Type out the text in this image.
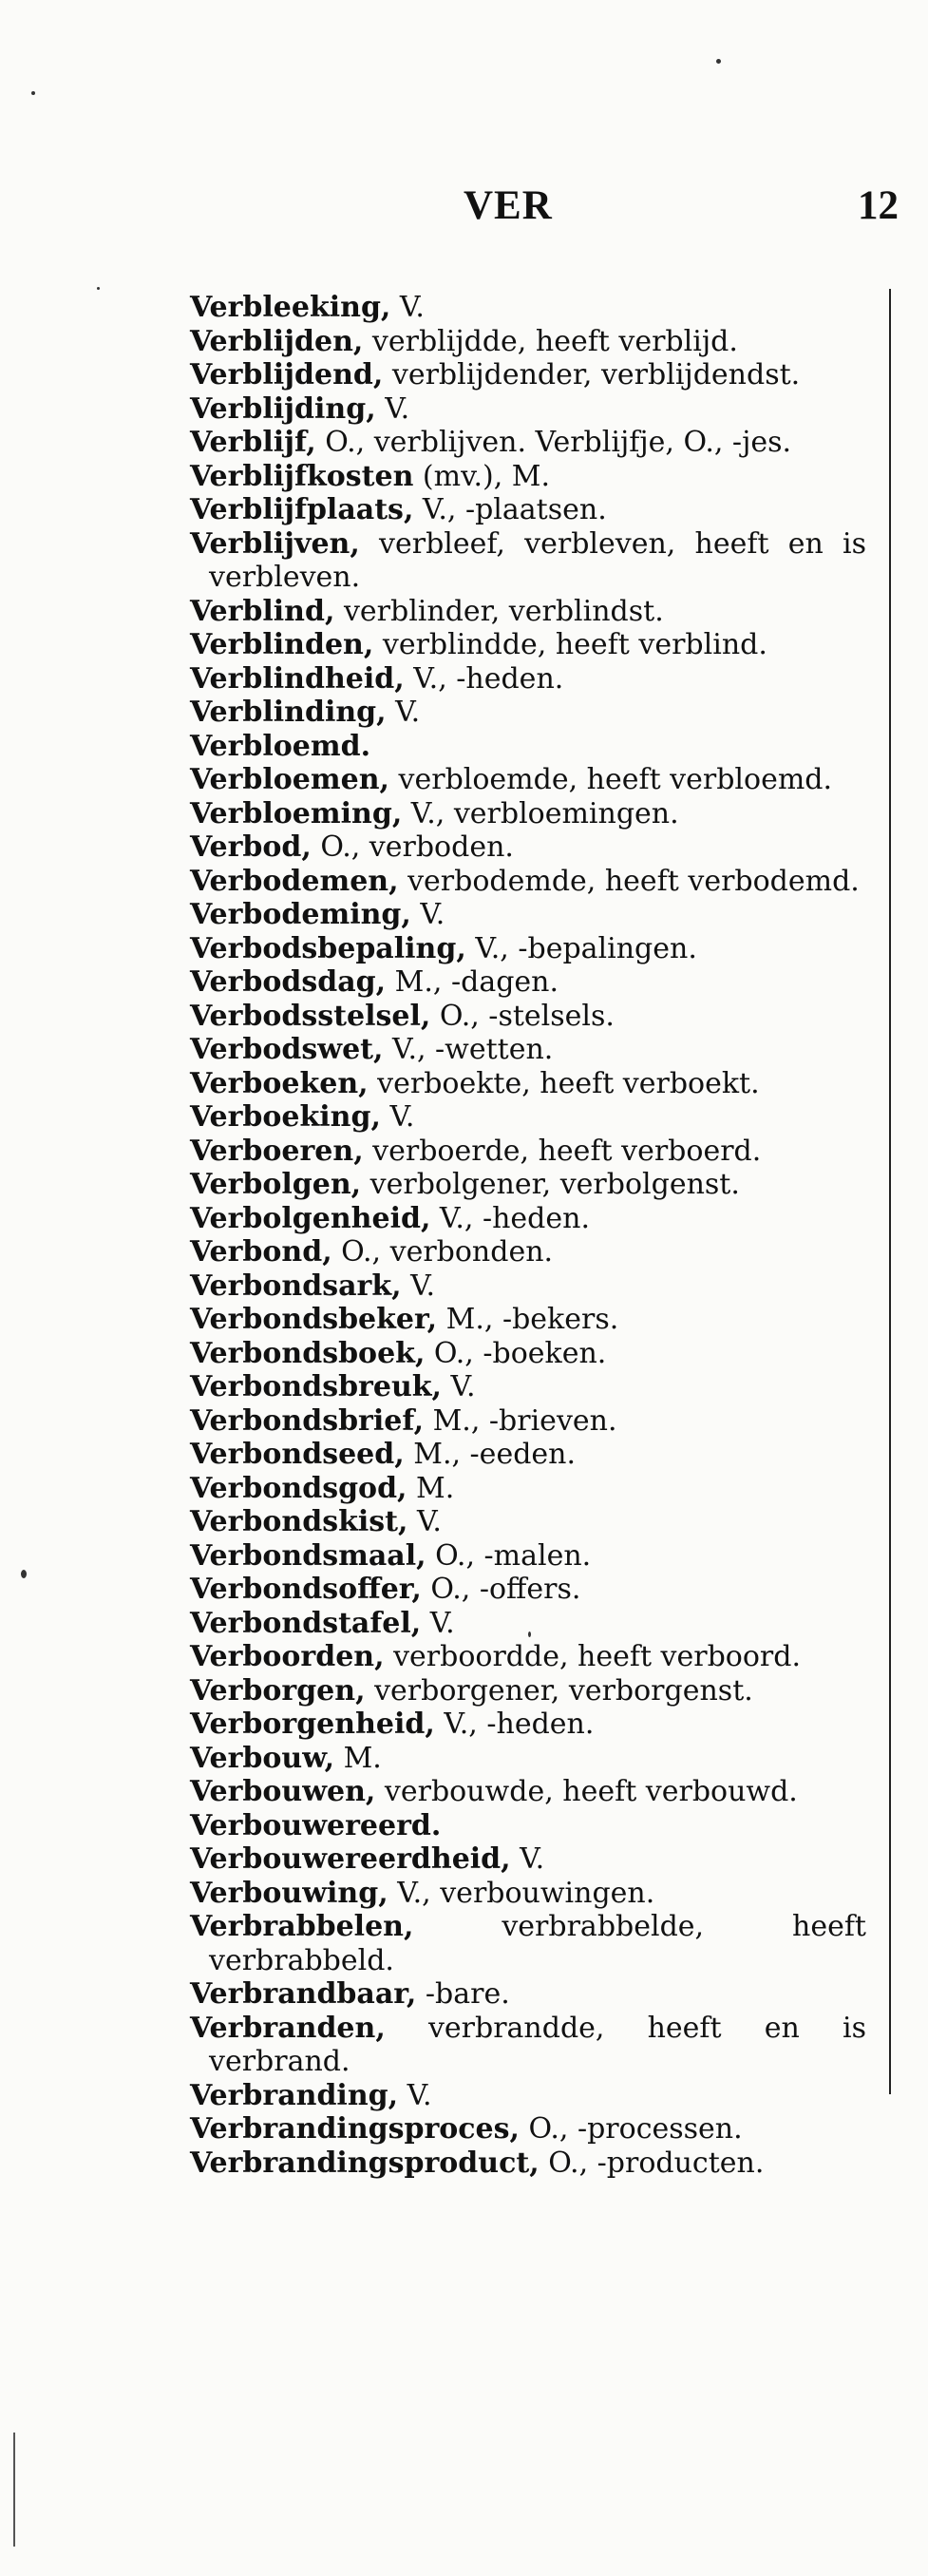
VER	12
Verbleeking, V.
Verblijden, verblijdde, heeft verblijd.
Verblijdend, verblijdender, verblijdendst.
Verblijding, V.
Verblijf, O., verblijven. Verblijfje, O., -jes.
Verblijfkosten (mv.), M.
Verblijfplaats, V., -plaatsen.
Verblijven, verbleef, verbleven, heeft en is verbleven.
Verblind, verblinder, verblindst.
Verblinden, verblindde, heeft verblind.
Verblindheid, V., -heden.
Verblinding, V.
Verbloemd.
Verbloemen, verbloemde, heeft verbloemd.
Verbloeming, V., verbloemingen.
Verbod, O., verboden.
Verbodemen, verbodemde, heeft verbodemd.
Verbodeming, V.
Verbodsbepaling, V., -bepalingen.
Verbodsdag, M., -dagen.
Verbodsstelsel, O., -stelsels.
Verbodswet, V., -wetten.
Verboeken, verboekte, heeft verboekt.
Verboeking, V.
Verboeren, verboerde, heeft verboerd.
Verbolgen, verbolgener, verbolgenst.
Verbolgenheid, V., -heden.
Verbond, O., verbonden.
Verbondsark, V.
Verbondsbeker, M., -bekers.
Verbondsboek, O., -boeken.
Verbondsbreuk, V.
Verbondsbrief, M., -brieven.
Verbondseed, M., -eeden.
Verbondsgod, M.
Verbondskist, V.
Verbondsmaal, O., -malen.
Verbondsoffer, O., -offers.
Verbondstafel, V.
Verboorden, verboordde, heeft verboord.
Verborgen, verborgener, verborgenst.
Verborgenheid, V., -heden.
Verbouw, M.
Verbouwen, verbouwde, heeft verbouwd.
Verbouwereerd.
Verbouwereerdheid, V.
Verbouwing, V., verbouwingen.
Verbrabbelen, verbrabbelde, heeft verbrabbeld.
Verbrandbaar, -bare.
Verbranden, verbrandde, heeft en is verbrand.
Verbranding, V.
Verbrandingsproces, O., -processen.
Verbrandingsproduct, O., -producten.
